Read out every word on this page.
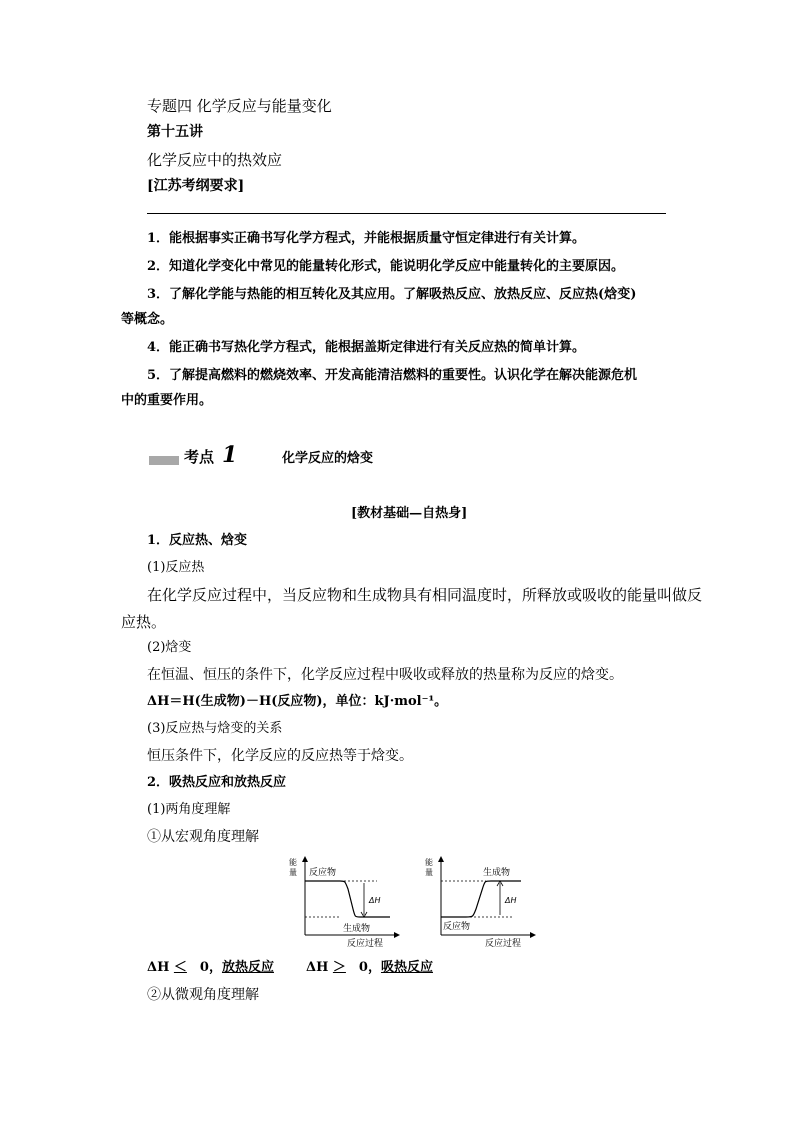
专题四 化学反应与能量变化
第十五讲
化学反应中的热效应
[江苏考纲要求]
1．能根据事实正确书写化学方程式，并能根据质量守恒定律进行有关计算。
2．知道化学变化中常见的能量转化形式，能说明化学反应中能量转化的主要原因。
3．了解化学能与热能的相互转化及其应用。了解吸热反应、放热反应、反应热(焓变)
等概念。
4．能正确书写热化学方程式，能根据盖斯定律进行有关反应热的简单计算。
5．了解提高燃料的燃烧效率、开发高能清洁燃料的重要性。认识化学在解决能源危机
中的重要作用。
考点 1	化学反应的焓变
[教材基础—自热身]
1．反应热、焓变
(1)反应热
在化学反应过程中，当反应物和生成物具有相同温度时，所释放或吸收的能量叫做反
应热。
(2)焓变
在恒温、恒压的条件下，化学反应过程中吸收或释放的热量称为反应的焓变。
ΔH＝H(生成物)－H(反应物)，单位：kJ·mol⁻¹。
(3)反应热与焓变的关系
恒压条件下，化学反应的反应热等于焓变。
2．吸热反应和放热反应
(1)两角度理解
①从宏观角度理解
能
量 反应物
生成物
ΔH
反应过程
能
量	生成物
反应物
ΔH
反应过程
ΔH ＜　0，放热反应 ΔH ＞　0，吸热反应
②从微观角度理解
